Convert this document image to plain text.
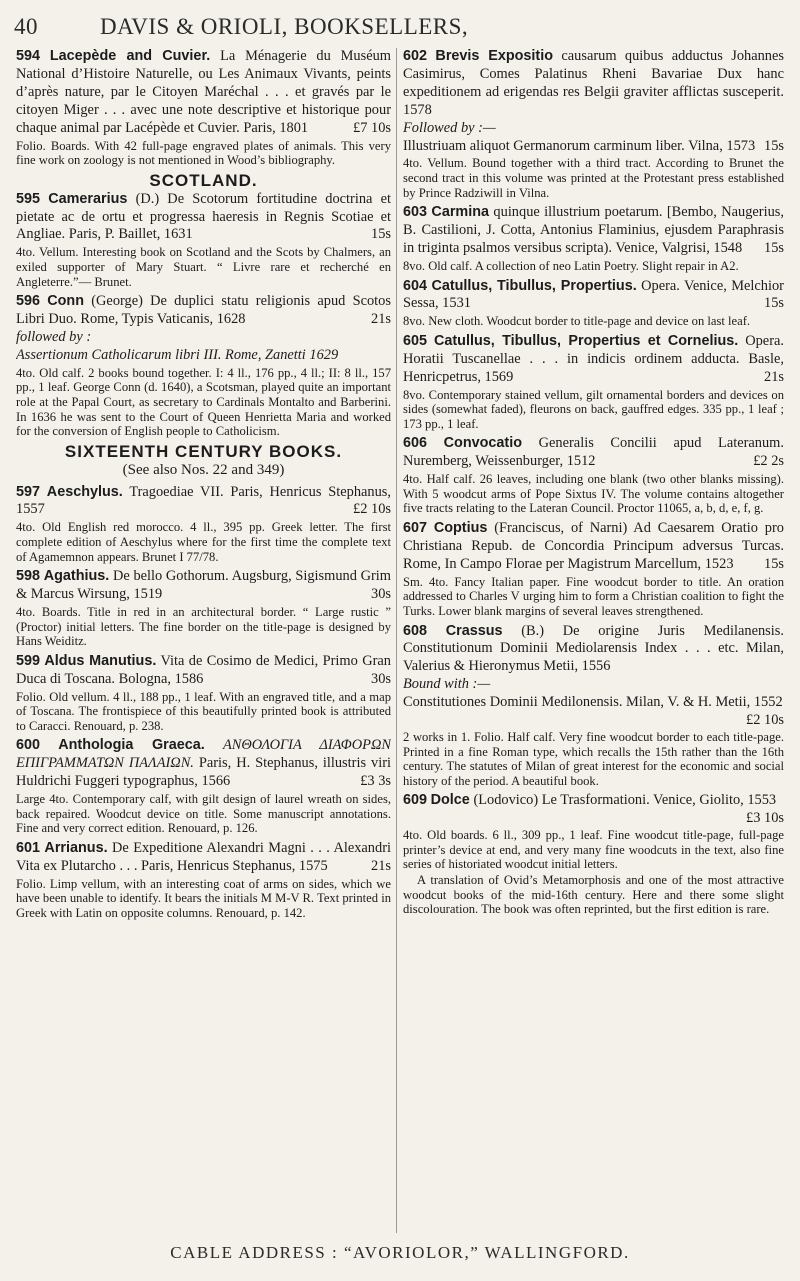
40	DAVIS & ORIOLI, BOOKSELLERS,
594 Lacepède and Cuvier. La Ménagerie du Muséum National d’Histoire Naturelle, ou Les Animaux Vivants, peints d’après nature, par le Citoyen Maréchal . . . et gravés par le citoyen Miger . . . avec une note descriptive et historique pour chaque animal par Lacépède et Cuvier. Paris, 1801	£7 10s
Folio. Boards. With 42 full-page engraved plates of animals. This very fine work on zoology is not mentioned in Wood’s bibliography.
SCOTLAND.
595 Camerarius (D.) De Scotorum fortitudine doctrina et pietate ac de ortu et progressa haeresis in Regnis Scotiae et Angliae. Paris, P. Baillet, 1631	15s
4to. Vellum. Interesting book on Scotland and the Scots by Chalmers, an exiled supporter of Mary Stuart. “ Livre rare et recherché en Angleterre.”— Brunet.
596 Conn (George) De duplici statu religionis apud Scotos Libri Duo. Rome, Typis Vaticanis, 1628	21s
followed by :
Assertionum Catholicarum libri III. Rome, Zanetti 1629
4to. Old calf. 2 books bound together. I: 4 ll., 176 pp., 4 ll.; II: 8 ll., 157 pp., 1 leaf. George Conn (d. 1640), a Scotsman, played quite an important role at the Papal Court, as secretary to Cardinals Montalto and Barberini. In 1636 he was sent to the Court of Queen Henrietta Maria and worked for the conversion of English people to Catholicism.
SIXTEENTH CENTURY BOOKS.
(See also Nos. 22 and 349)
597 Aeschylus. Tragoediae VII. Paris, Henricus Stephanus, 1557	£2 10s
4to. Old English red morocco. 4 ll., 395 pp. Greek letter. The first complete edition of Aeschylus where for the first time the complete text of Agamemnon appears. Brunet I 77/78.
598 Agathius. De bello Gothorum. Augsburg, Sigismund Grim & Marcus Wirsung, 1519	30s
4to. Boards. Title in red in an architectural border. “ Large rustic ” (Proctor) initial letters. The fine border on the title-page is designed by Hans Weiditz.
599 Aldus Manutius. Vita de Cosimo de Medici, Primo Gran Duca di Toscana. Bologna, 1586	30s
Folio. Old vellum. 4 ll., 188 pp., 1 leaf. With an engraved title, and a map of Toscana. The frontispiece of this beautifully printed book is attributed to Caracci. Renouard, p. 238.
600 Anthologia Graeca. ΑΝΘΟΛΟΓΙΑ ΔΙΑΦΟΡΩΝ ΕΠΙΓΡΑΜΜΑΤΩΝ ΠΑΛΑΙΩΝ. Paris, H. Stephanus, illustris viri Huldrichi Fuggeri typographus, 1566	£3 3s
Large 4to. Contemporary calf, with gilt design of laurel wreath on sides, back repaired. Woodcut device on title. Some manuscript annotations. Fine and very correct edition. Renouard, p. 126.
601 Arrianus. De Expeditione Alexandri Magni . . . Alexandri Vita ex Plutarcho . . . Paris, Henricus Stephanus, 1575	21s
Folio. Limp vellum, with an interesting coat of arms on sides, which we have been unable to identify. It bears the initials M M-V R. Text printed in Greek with Latin on opposite columns. Renouard, p. 142.
602 Brevis Expositio causarum quibus adductus Johannes Casimirus, Comes Palatinus Rheni Bavariae Dux hanc expeditionem ad erigendas res Belgii graviter afflictas susceperit. 1578
Followed by :—
Illustriuam aliquot Germanorum carminum liber. Vilna, 1573 15s
4to. Vellum. Bound together with a third tract. According to Brunet the second tract in this volume was printed at the Protestant press established by Prince Radziwill in Vilna.
603 Carmina quinque illustrium poetarum. [Bembo, Naugerius, B. Castilioni, J. Cotta, Antonius Flaminius, ejusdem Paraphrasis in triginta psalmos versibus scripta). Venice, Valgrisi, 1548 15s
8vo. Old calf. A collection of neo Latin Poetry. Slight repair in A2.
604 Catullus, Tibullus, Propertius. Opera. Venice, Melchior Sessa, 1531	15s
8vo. New cloth. Woodcut border to title-page and device on last leaf.
605 Catullus, Tibullus, Propertius et Cornelius. Opera. Horatii Tuscanellae . . . in indicis ordinem adducta. Basle, Henricpetrus, 1569	21s
8vo. Contemporary stained vellum, gilt ornamental borders and devices on sides (somewhat faded), fleurons on back, gauffred edges. 335 pp., 1 leaf ; 173 pp., 1 leaf.
606 Convocatio Generalis Concilii apud Lateranum. Nuremberg, Weissenburger, 1512	£2 2s
4to. Half calf. 26 leaves, including one blank (two other blanks missing). With 5 woodcut arms of Pope Sixtus IV. The volume contains altogether five tracts relating to the Lateran Council. Proctor 11065, a, b, d, e, f, g.
607 Coptius (Franciscus, of Narni) Ad Caesarem Oratio pro Christiana Repub. de Concordia Principum adversus Turcas. Rome, In Campo Florae per Magistrum Marcellum, 1523 15s
Sm. 4to. Fancy Italian paper. Fine woodcut border to title. An oration addressed to Charles V urging him to form a Christian coalition to fight the Turks. Lower blank margins of several leaves strengthened.
608 Crassus (B.) De origine Juris Medilanensis. Constitutionum Dominii Mediolarensis Index . . . etc. Milan, Valerius & Hieronymus Metii, 1556
Bound with :—
Constitutiones Dominii Medilonensis. Milan, V. & H. Metii, 1552
£2 10s
2 works in 1. Folio. Half calf. Very fine woodcut border to each title-page. Printed in a fine Roman type, which recalls the 15th rather than the 16th century. The statutes of Milan of great interest for the economic and social history of the period. A beautiful book.
609 Dolce (Lodovico) Le Trasformationi. Venice, Giolito, 1553
£3 10s
4to. Old boards. 6 ll., 309 pp., 1 leaf. Fine woodcut title-page, full-page printer’s device at end, and very many fine woodcuts in the text, also fine series of historiated woodcut initial letters.
A translation of Ovid’s Metamorphosis and one of the most attractive woodcut books of the mid-16th century. Here and there some slight discolouration. The book was often reprinted, but the first edition is rare.
CABLE ADDRESS : “AVORIOLOR,” WALLINGFORD.
